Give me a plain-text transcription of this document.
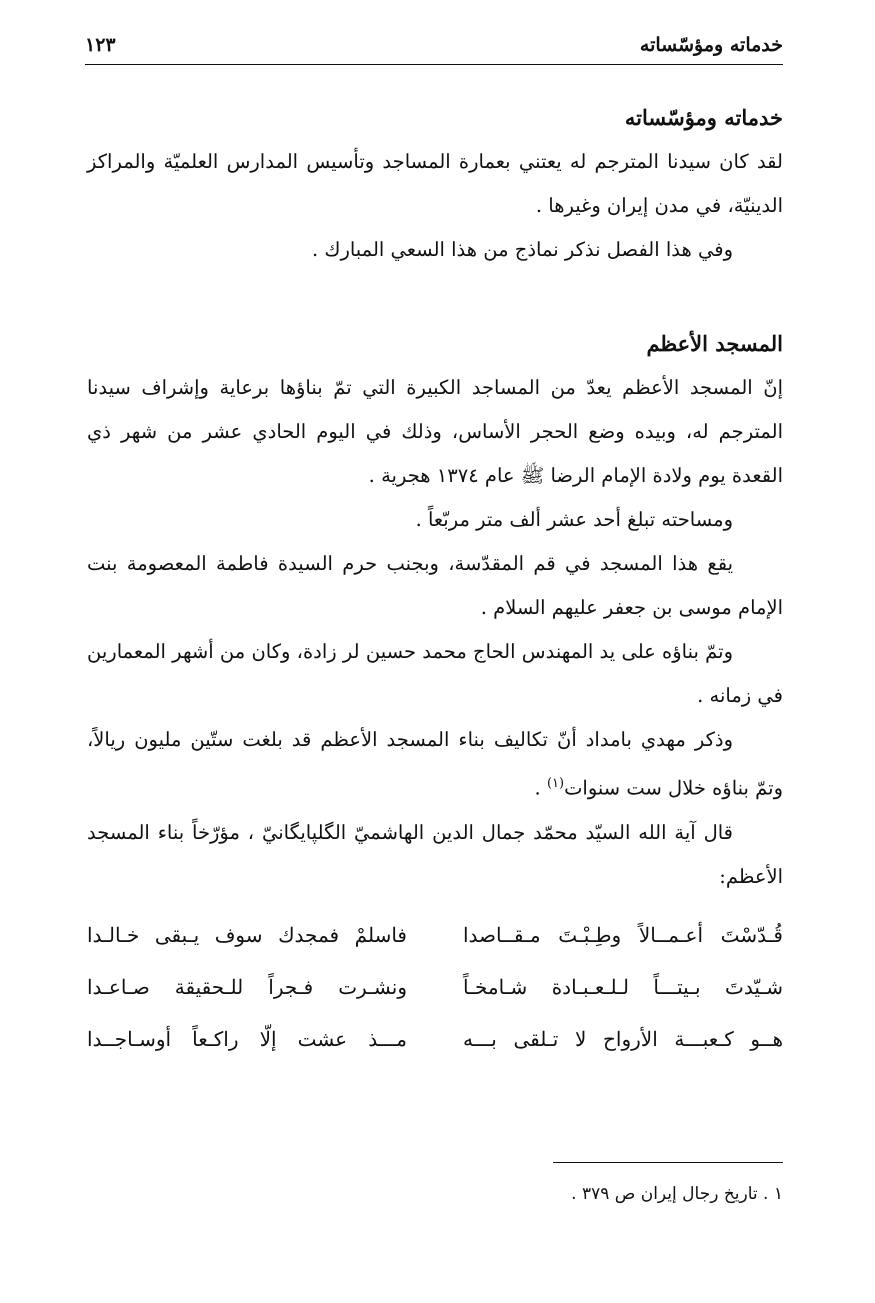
خدماته ومؤسّساته
١٢٣
خدماته ومؤسّساته

لقد كان سيدنا المترجم له يعتني بعمارة المساجد وتأسيس المدارس العلميّة والمراكز الدينيّة، في مدن إيران وغيرها .

وفي هذا الفصل نذكر نماذج من هذا السعي المبارك .

المسجد الأعظم

إنّ المسجد الأعظم يعدّ من المساجد الكبيرة التي تمّ بناؤها برعاية وإشراف سيدنا المترجم له، وبيده وضع الحجر الأساس، وذلك في اليوم الحادي عشر من شهر ذي القعدة يوم ولادة الإمام الرضا ﷺ عام ١٣٧٤ هجرية .

ومساحته تبلغ أحد عشر ألف متر مربّعاً .

يقع هذا المسجد في قم المقدّسة، وبجنب حرم السيدة فاطمة المعصومة بنت الإمام موسى بن جعفر عليهم السلام .

وتمّ بناؤه على يد المهندس الحاج محمد حسين لر زادة، وكان من أشهر المعمارين في زمانه .

وذكر مهدي بامداد أنّ تكاليف بناء المسجد الأعظم قد بلغت ستّين مليون ريالاً، وتمّ بناؤه خلال ست سنوات$^{(١)}$ .

قال آية الله السيّد محمّد جمال الدين الهاشميّ الگلپايگانيّ ، مؤرّخاً بناء المسجد الأعظم:

قُـدّسْتَ أعـمــالاً وطِـبْـتَ مـقــاصدا
فاسلمْ فمجدك سوف يـبقى خـالـدا
شـيّدتَ بـيتـــاً لـلـعـبـادة شـامخـاً
ونشـرت فـجراً للـحقيقة صـاعـدا
هــو كـعبـــة الأرواح لا تـلقى بـــه
مـــذ عشت إلّا راكـعاً أوسـاجــدا
١ . تاريخ رجال إيران ص ٣٧٩ .
